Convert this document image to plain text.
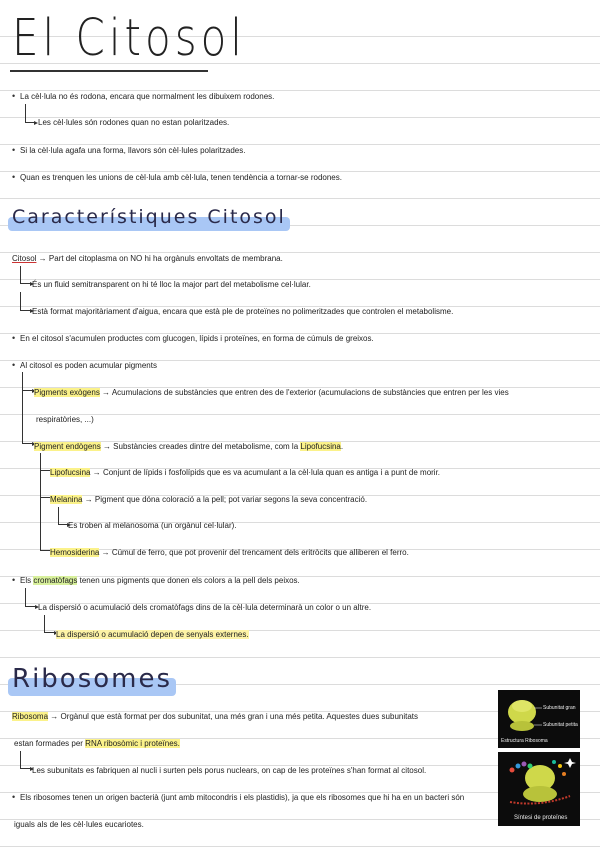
El Citosol
• La cèl·lula no és rodona, encara que normalment les dibuixem rodones.
Les cèl·lules són rodones quan no estan polaritzades.
• Si la cèl·lula agafa una forma, llavors són cèl·lules polaritzades.
• Quan es trenquen les unions de cèl·lula amb cèl·lula, tenen tendència a tornar-se rodones.
Característiques Citosol
Citosol → Part del citoplasma on NO hi ha orgànuls envoltats de membrana.
És un fluid semitransparent on hi té lloc la major part del metabolisme cel·lular.
Està format majoritàriament d'aigua, encara que està ple de proteïnes no polimeritzades que controlen el metabolisme.
• En el citosol s'acumulen productes com glucogen, lípids i proteïnes, en forma de cúmuls de greixos.
• Al citosol es poden acumular pigments
Pigments exògens → Acumulacions de substàncies que entren des de l'exterior (acumulacions de substàncies que entren per les vies
respiratòries, ...)
Pigment endògens → Substàncies creades dintre del metabolisme, com la Lipofucsina.
Lipofucsina → Conjunt de lípids i fosfolípids que es va acumulant a la cèl·lula quan es antiga i a punt de morir.
Melanina → Pigment que dóna coloració a la pell; pot variar segons la seva concentració.
Es troben al melanosoma (un orgànul cel·lular).
Hemosiderina → Cúmul de ferro, que pot provenir del trencament dels eritròcits que alliberen el ferro.
• Els cromatòfags tenen uns pigments que donen els colors a la pell dels peixos.
La dispersió o acumulació dels cromatòfags dins de la cèl·lula determinarà un color o un altre.
La dispersió o acumulació depen de senyals externes.
Ribosomes
Ribosoma → Orgànul que està format per dos subunitat, una més gran i una més petita. Aquestes dues subunitats
estan formades per RNA ribosòmic i proteïnes.
Les subunitats es fabriquen al nucli i surten pels porus nuclears, on cap de les proteïnes s'han format al citosol.
• Els ribosomes tenen un origen bacterià (junt amb mitocondris i els plastidis), ja que els ribosomes que hi ha en un bacteri són
iguals als de les cèl·lules eucariotes.
Subunitat gran
Subunitat petita
Estructura Ribosoma
Síntesi de proteïnes
